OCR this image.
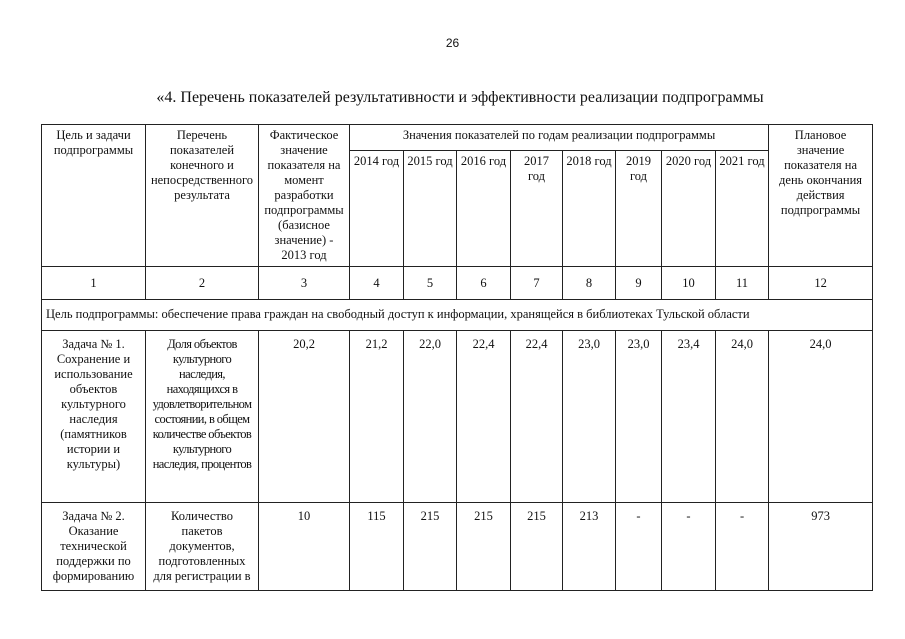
26
«4. Перечень показателей результативности и эффективности реализации подпрограммы
Цель и задачи подпрограммы	Перечень показателей конечного и непосредственного результата	Фактическое значение показателя на момент разработки подпрограммы (базисное значение) - 2013 год	Значения показателей по годам реализации подпрограммы								Плановое значение показателя на день окончания действия подпрограммы
			2014 год	2015 год	2016 год	2017 год	2018 год	2019 год	2020 год	2021 год	
1	2	3	4	5	6	7	8	9	10	11	12
Цель подпрограммы: обеспечение права граждан на свободный доступ к информации, хранящейся в библиотеках Тульской области											
Задача № 1. Сохранение и использование объектов культурного наследия (памятников истории и культуры)	Доля объектов культурного наследия, находящихся в удовлетворительном состоянии, в общем количестве объектов культурного наследия, процентов	20,2	21,2	22,0	22,4	22,4	23,0	23,0	23,4	24,0	24,0
Задача № 2. Оказание технической поддержки по формированию	Количество пакетов документов, подготовленных для регистрации в	10	115	215	215	215	213	-	-	-	973
